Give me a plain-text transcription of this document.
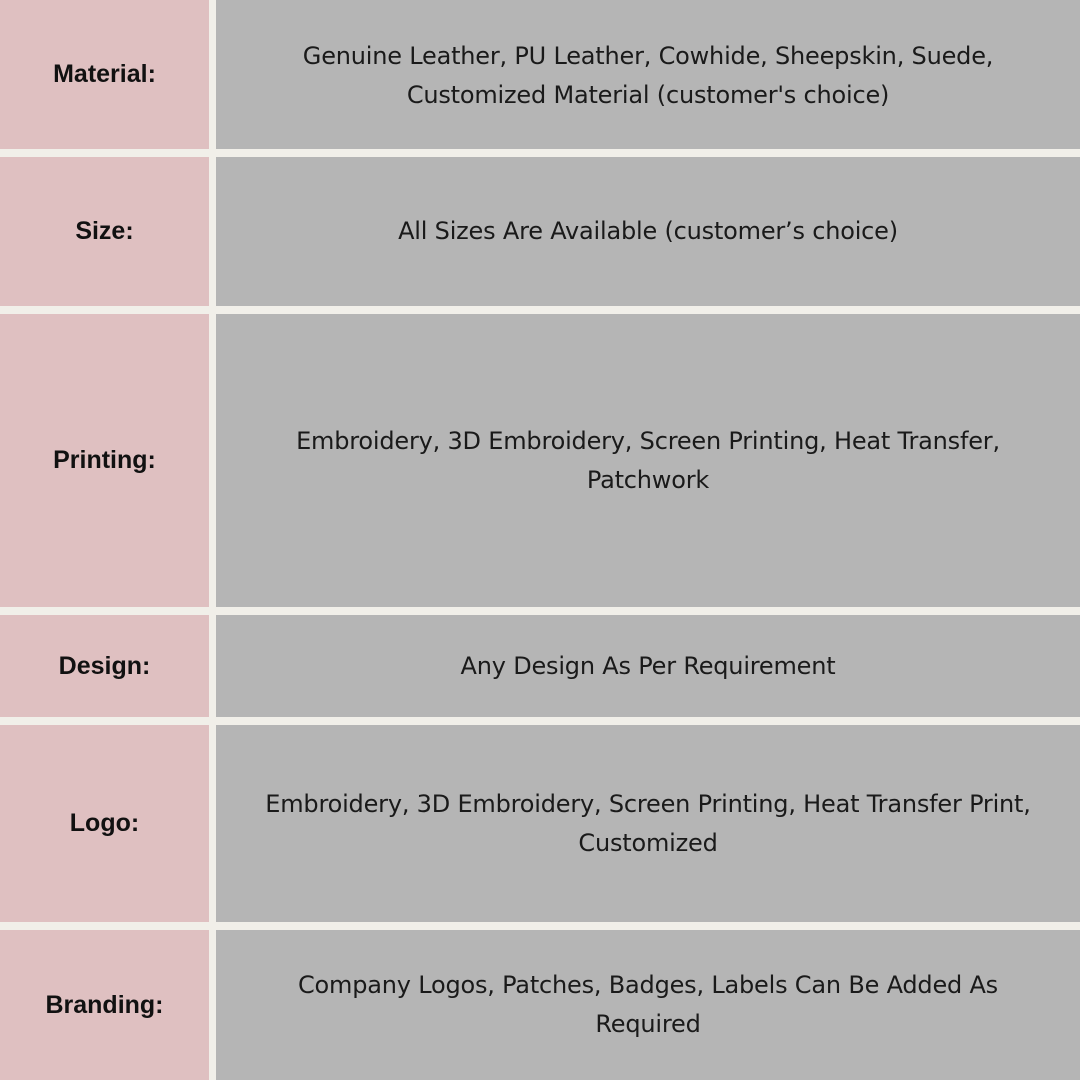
Material:
Genuine Leather, PU Leather, Cowhide, Sheepskin, Suede, Customized Material (customer's choice)
Size:	All Sizes Are Available (customer’s choice)
Printing:
Embroidery, 3D Embroidery, Screen Printing, Heat Transfer, Patchwork
Design:	Any Design As Per Requirement
Logo:
Embroidery, 3D Embroidery, Screen Printing, Heat Transfer Print, Customized
Branding:
Company Logos, Patches, Badges, Labels Can Be Added As Required
